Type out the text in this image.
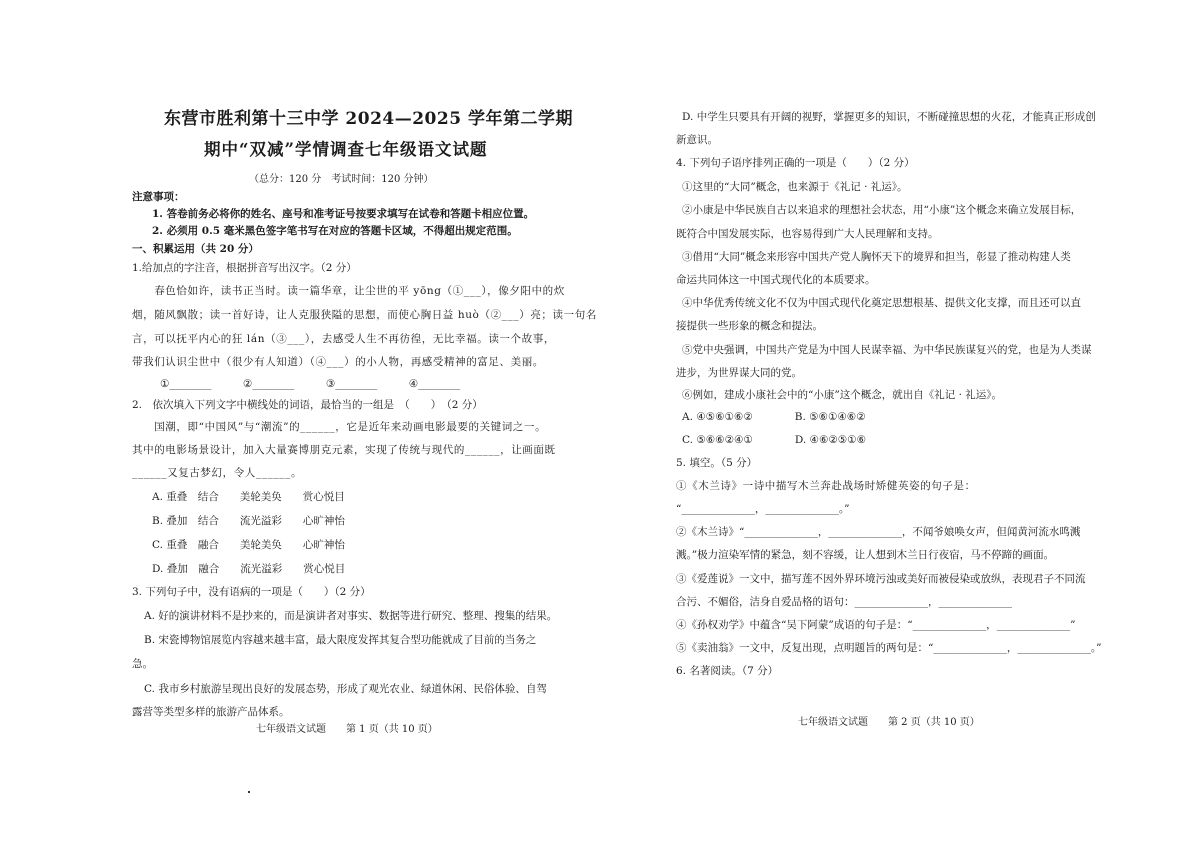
东营市胜利第十三中学 2024—2025 学年第二学期
期中“双减”学情调查七年级语文试题
（总分：120 分　考试时间：120 分钟）
注意事项：
1. 答卷前务必将你的姓名、座号和准考证号按要求填写在试卷和答题卡相应位置。
2. 必须用 0.5 毫米黑色签字笔书写在对应的答题卡区域，不得超出规定范围。
一、积累运用（共 20 分）
1.给加点的字注音，根据拼音写出汉字。（2 分）
　　春色恰如许，读书正当时。读一篇华章，让尘世的平 yōng（①___），像夕阳中的炊
烟，随风飘散；读一首好诗，让人克服狭隘的思想，而使心胸日益 huò（②___）亮；读一句名
言，可以抚平内心的狂 lán（③___），去感受人生不再彷徨，无比幸福。读一个故事，
带我们认识尘世中（很少有人知道）（④___）的小人物，再感受精神的富足、美丽。
①________　　　②________　　　③________　　　④________
2.　依次填入下列文字中横线处的词语，最恰当的一组是　（　　）　（2 分）
　　国潮，即“中国风”与“潮流”的______，它是近年来动画电影最要的关键词之一。
其中的电影场景设计，加入大量赛博朋克元素，实现了传统与现代的______，让画面既
______又复古梦幻，令人______。
A. 重叠　结合　　美轮美奂　　赏心悦目
B. 叠加　结合　　流光溢彩　　心旷神怡
C. 重叠　融合　　美轮美奂　　心旷神怡
D. 叠加　融合　　流光溢彩　　赏心悦目
3. 下列句子中，没有语病的一项是（　　）（2 分）
A. 好的演讲材料不是抄来的，而是演讲者对事实、数据等进行研究、整理、搜集的结果。
B. 宋瓷博物馆展览内容越来越丰富，最大限度发挥其复合型功能就成了目前的当务之
急。
C. 我市乡村旅游呈现出良好的发展态势，形成了观光农业、绿道休闲、民俗体验、自驾
露营等类型多样的旅游产品体系。
七年级语文试题　　第 1 页（共 10 页）
D. 中学生只要具有开阔的视野，掌握更多的知识，不断碰撞思想的火花，才能真正形成创
新意识。
4. 下列句子语序排列正确的一项是（　　）（2 分）
①这里的“大同”概念，也来源于《礼记 · 礼运》。
②小康是中华民族自古以来追求的理想社会状态，用“小康”这个概念来确立发展目标，
既符合中国发展实际，也容易得到广大人民理解和支持。
③借用“大同”概念来形容中国共产党人胸怀天下的境界和担当，彰显了推动构建人类
命运共同体这一中国式现代化的本质要求。
④中华优秀传统文化不仅为中国式现代化奠定思想根基、提供文化支撑，而且还可以直
接提供一些形象的概念和提法。
⑤党中央强调，中国共产党是为中国人民谋幸福、为中华民族谋复兴的党，也是为人类谋
进步，为世界谋大同的党。
⑥例如，建成小康社会中的“小康”这个概念，就出自《礼记 · 礼运》。
A. ④⑤⑥①⑥②　　　　B. ⑤⑥①④⑥②
C. ⑤⑥⑥②④①　　　　D. ④⑥②⑤①⑥
5. 填空。（5 分）
①《木兰诗》一诗中描写木兰奔赴战场时矫健英姿的句子是：
“______________，______________。”
②《木兰诗》“______________，______________，不闻爷娘唤女声，但闻黄河流水鸣溅
溅。”极力渲染军情的紧急，刻不容缓，让人想到木兰日行夜宿，马不停蹄的画面。
③《爱莲说》一文中，描写莲不因外界环境污浊或美好而被侵染或放纵，表现君子不同流
合污、不媚俗，洁身自爱品格的语句：______________，______________
④《孙权劝学》中蕴含“吴下阿蒙”成语的句子是：“______________，______________”
⑤《卖油翁》一文中，反复出现，点明题旨的两句是：“______________，______________。”
6. 名著阅读。（7 分）
七年级语文试题　　第 2 页（共 10 页）
